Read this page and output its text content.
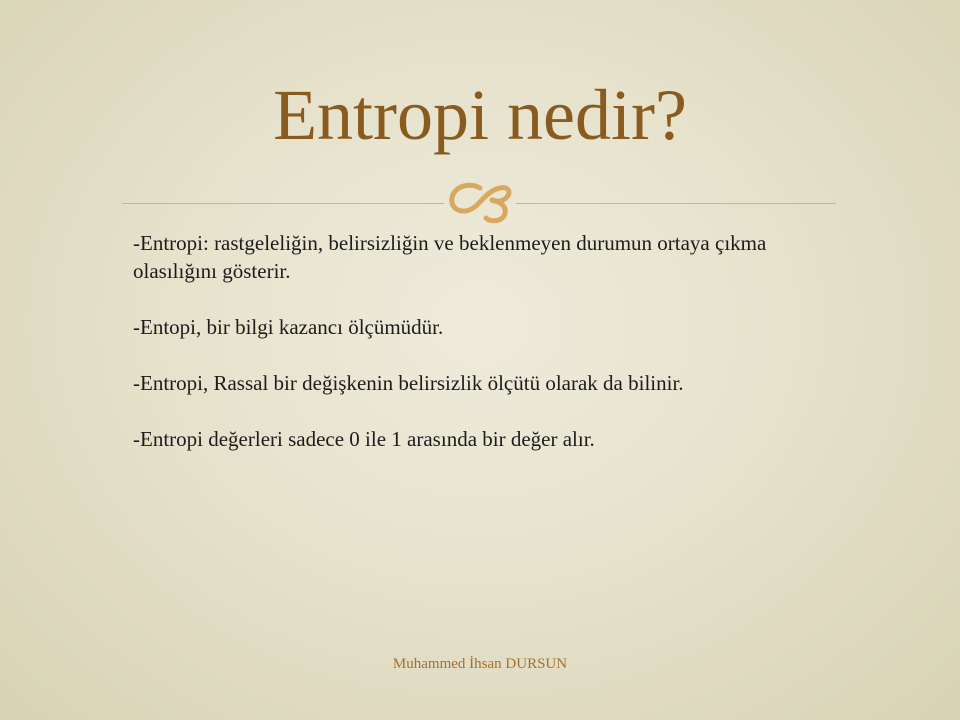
Entropi nedir?

-Entropi: rastgeleliğin, belirsizliğin ve beklenmeyen durumun ortaya çıkma olasılığını gösterir.

-Entopi, bir bilgi kazancı ölçümüdür.

-Entropi, Rassal bir değişkenin belirsizlik ölçütü olarak da bilinir.

-Entropi değerleri sadece 0 ile 1 arasında bir değer alır.

Muhammed İhsan DURSUN
